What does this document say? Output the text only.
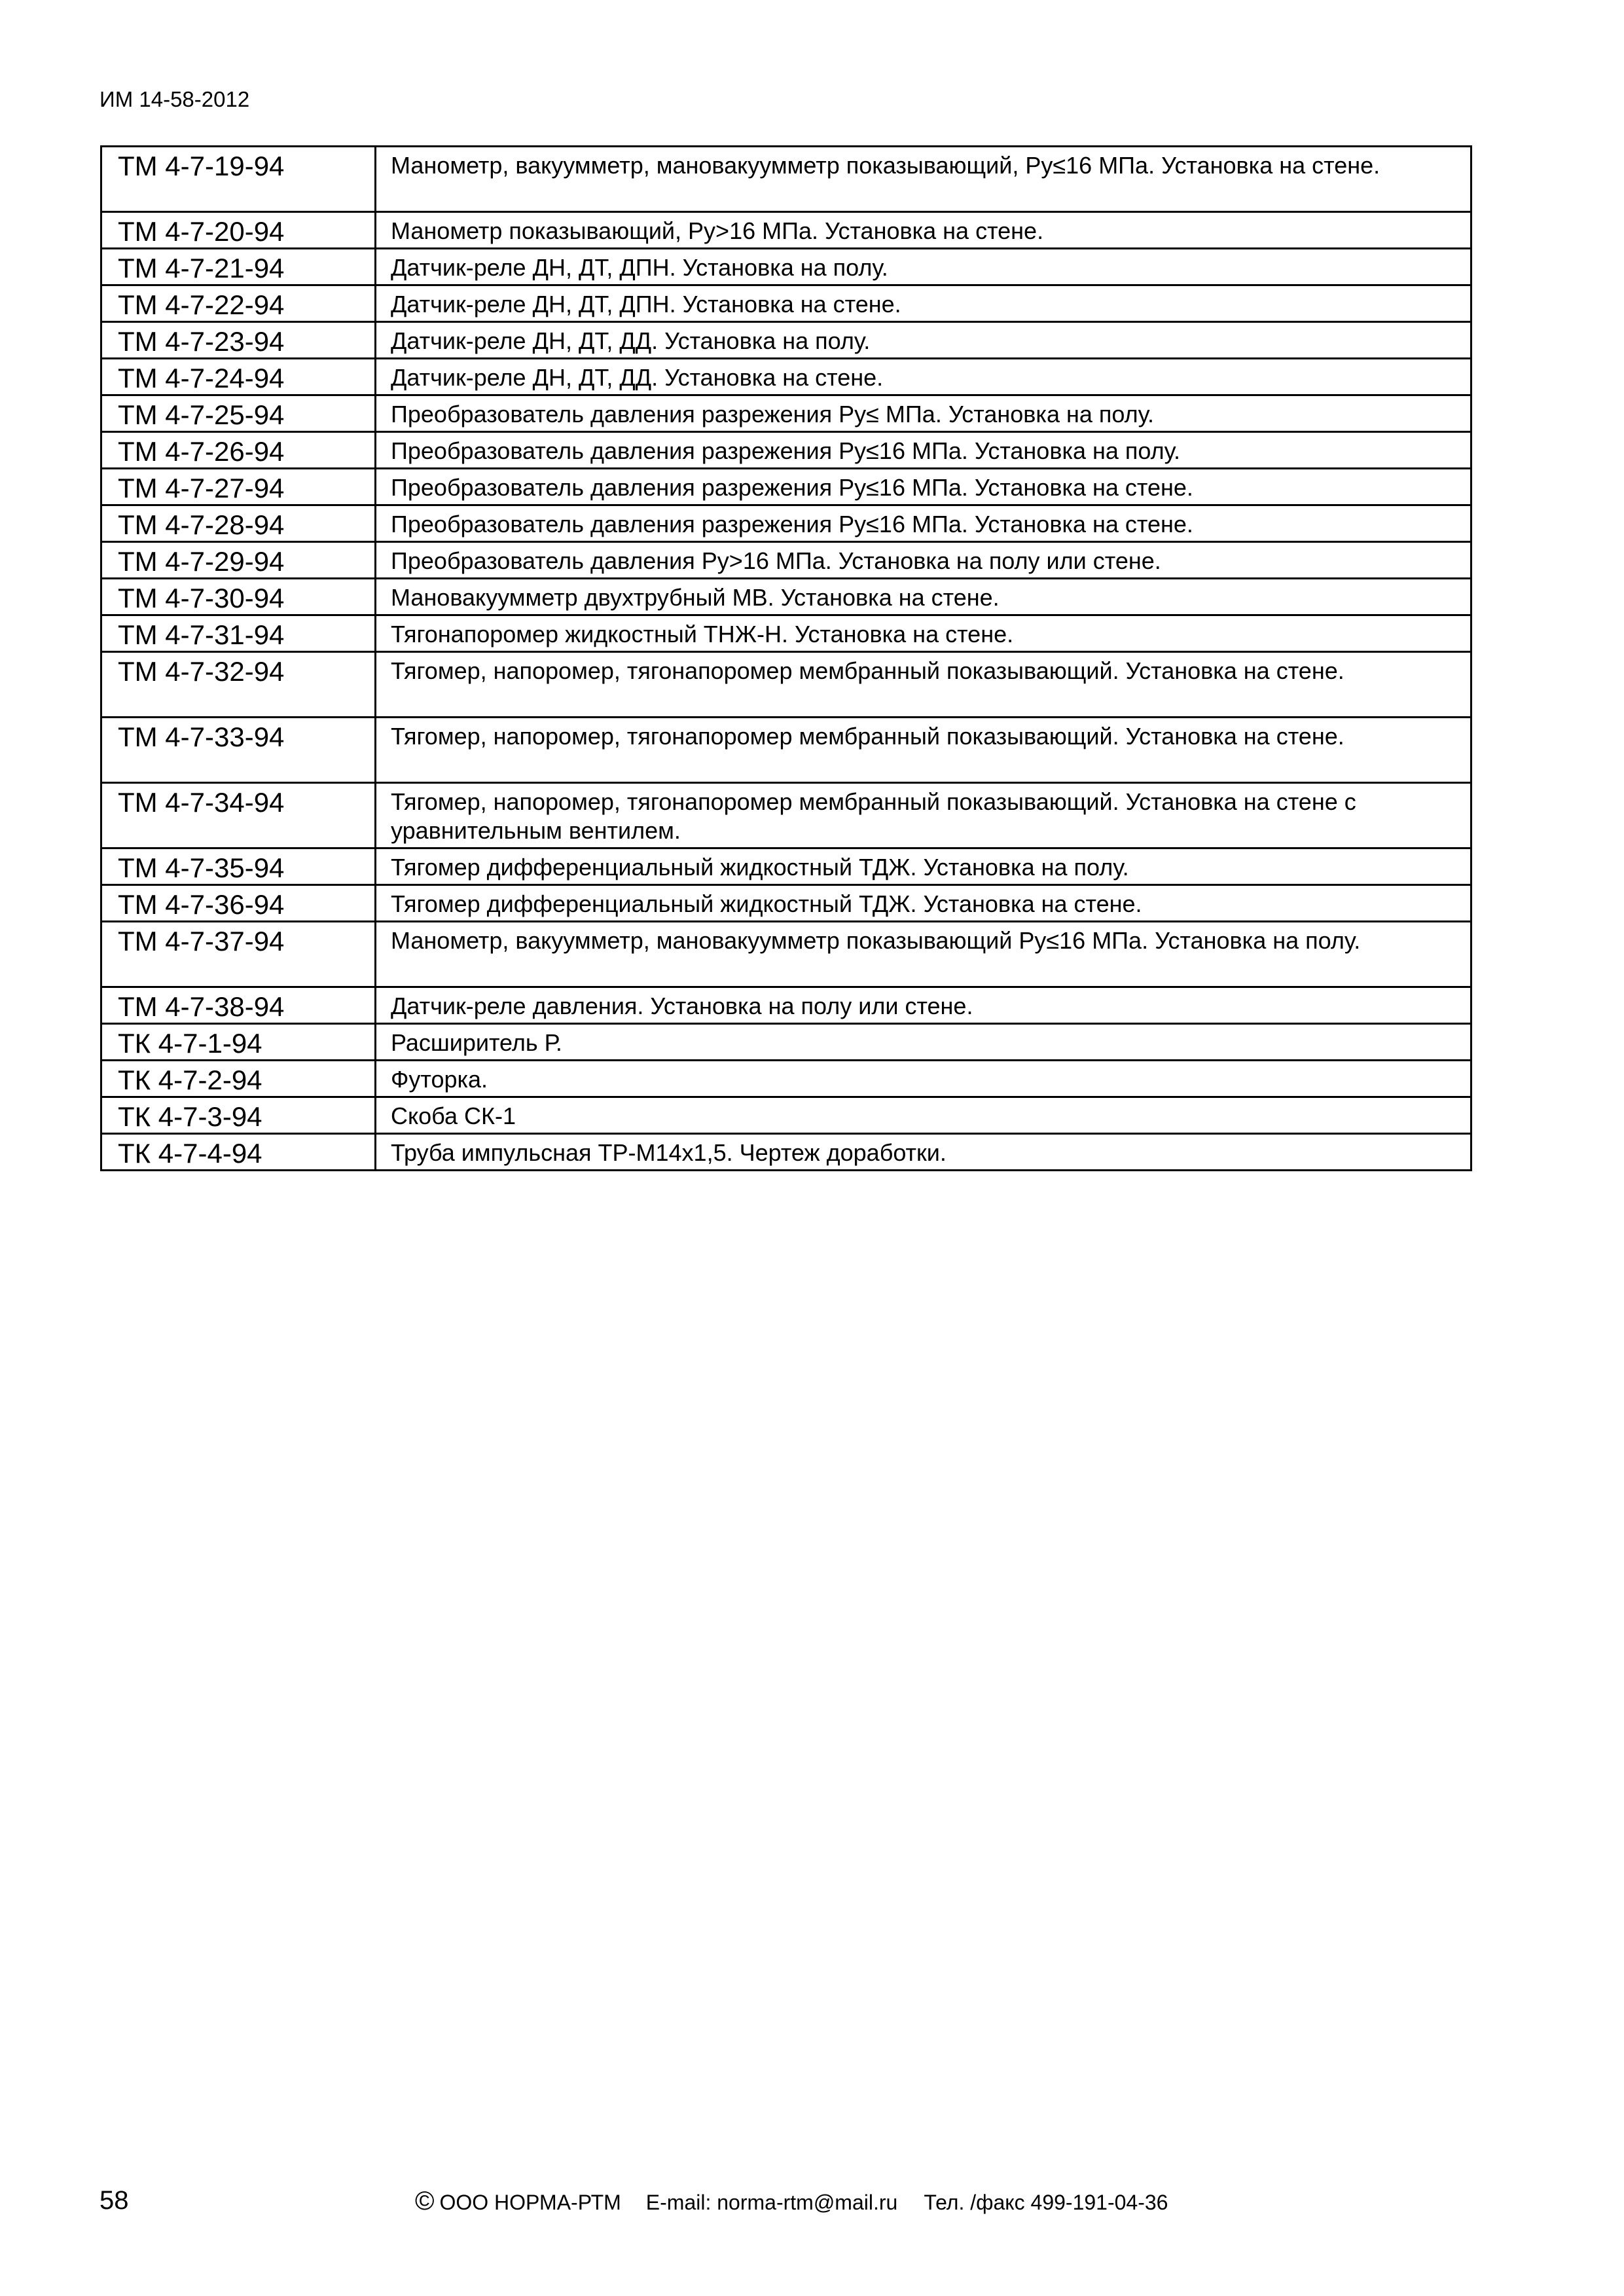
ИМ 14-58-2012
ТМ 4-7-19-94	Манометр, вакуумметр, мановакуумметр показывающий, Pу≤16 МПа. Установка на стене.
ТМ 4-7-20-94	Манометр показывающий, Pу>16 МПа. Установка на стене.
ТМ 4-7-21-94	Датчик-реле ДН, ДТ, ДПН. Установка на полу.
ТМ 4-7-22-94	Датчик-реле ДН, ДТ, ДПН. Установка на стене.
ТМ 4-7-23-94	Датчик-реле ДН, ДТ, ДД. Установка на полу.
ТМ 4-7-24-94	Датчик-реле ДН, ДТ, ДД. Установка на стене.
ТМ 4-7-25-94	Преобразователь давления разрежения Pу≤ МПа. Установка на полу.
ТМ 4-7-26-94	Преобразователь давления разрежения Pу≤16 МПа. Установка на полу.
ТМ 4-7-27-94	Преобразователь давления разрежения Pу≤16 МПа. Установка на стене.
ТМ 4-7-28-94	Преобразователь давления разрежения Pу≤16 МПа. Установка на стене.
ТМ 4-7-29-94	Преобразователь давления Pу>16 МПа. Установка на полу или стене.
ТМ 4-7-30-94	Мановакуумметр двухтрубный МВ. Установка на стене.
ТМ 4-7-31-94	Тягонапоромер жидкостный ТНЖ-Н. Установка на стене.
ТМ 4-7-32-94	Тягомер, напоромер, тягонапоромер мембранный показывающий. Установка на стене.
ТМ 4-7-33-94	Тягомер, напоромер, тягонапоромер мембранный показывающий. Установка на стене.
ТМ 4-7-34-94	Тягомер, напоромер, тягонапоромер мембранный показывающий. Установка на стене с уравнительным вентилем.
ТМ 4-7-35-94	Тягомер дифференциальный жидкостный ТДЖ. Установка на полу.
ТМ 4-7-36-94	Тягомер дифференциальный жидкостный ТДЖ. Установка на стене.
ТМ 4-7-37-94	Манометр, вакуумметр, мановакуумметр показывающий Pу≤16 МПа. Установка на полу.
ТМ 4-7-38-94	Датчик-реле давления. Установка на полу или стене.
ТК 4-7-1-94	Расширитель Р.
ТК 4-7-2-94	Футорка.
ТК 4-7-3-94	Скоба СК-1
ТК 4-7-4-94	Труба импульсная ТР-М14х1,5. Чертеж доработки.
58	© ООО НОРМА-РТМ E-mail: norma-rtm@mail.ru Тел. /факс 499-191-04-36
